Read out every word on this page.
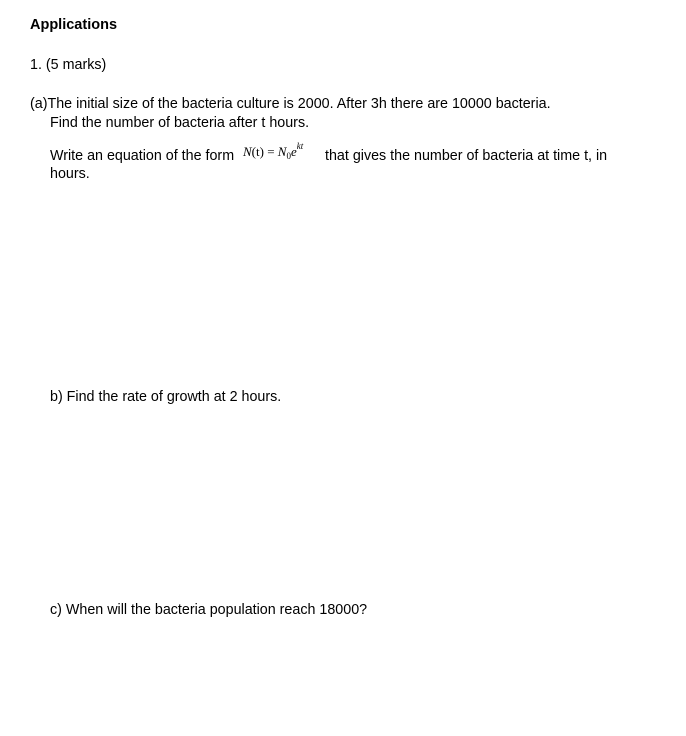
Applications
1. (5 marks)
(a)The initial size of the bacteria culture is 2000. After 3h there are 10000 bacteria.
Find the number of bacteria after t hours.
Write an equation of the form	that gives the number of bacteria at time t, in
$N(t) = N_0e^{kt}$
hours.
b) Find the rate of growth at 2 hours.
c) When will the bacteria population reach 18000?
